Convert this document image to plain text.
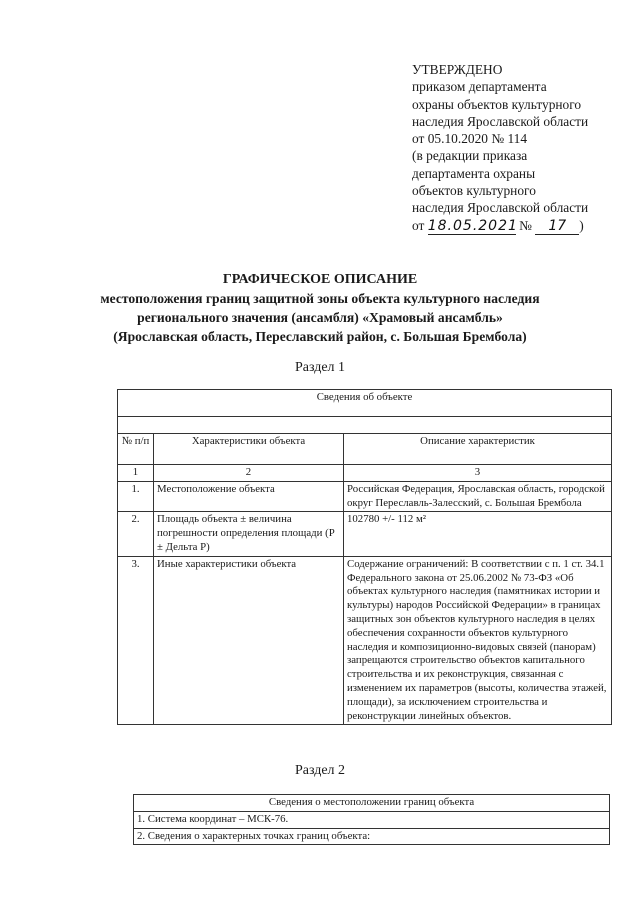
УТВЕРЖДЕНО
приказом департамента
охраны объектов культурного
наследия Ярославской области
от 05.10.2020 № 114
(в редакции приказа
департамента охраны
объектов культурного
наследия Ярославской области
от 18.05.2021 № 17 )
ГРАФИЧЕСКОЕ ОПИСАНИЕ
местоположения границ защитной зоны объекта культурного наследия
регионального значения (ансамбля) «Храмовый ансамбль»
(Ярославская область, Переславский район, с. Большая Брембола)
Раздел 1
Сведения об объекте		

№ п/п	Характеристики объекта	Описание характеристик
1	2	3
1.	Местоположение объекта	Российская Федерация, Ярославская область, городской округ Переславль-Залесский, с. Большая Брембола
2.	Площадь объекта ± величина погрешности определения площади (P ± Дельта P)	102780 +/- 112 м²
3.	Иные характеристики объекта	Содержание ограничений: В соответствии с п. 1 ст. 34.1 Федерального закона от 25.06.2002 № 73-ФЗ «Об объектах культурного наследия (памятниках истории и культуры) народов Российской Федерации» в границах защитных зон объектов культурного наследия в целях обеспечения сохранности объектов культурного наследия и композиционно-видовых связей (панорам) запрещаются строительство объектов капитального строительства и их реконструкция, связанная с изменением их параметров (высоты, количества этажей, площади), за исключением строительства и реконструкции линейных объектов.
Раздел 2
Сведения о местоположении границ объекта
1. Система координат – МСК-76.
2. Сведения о характерных точках границ объекта:
